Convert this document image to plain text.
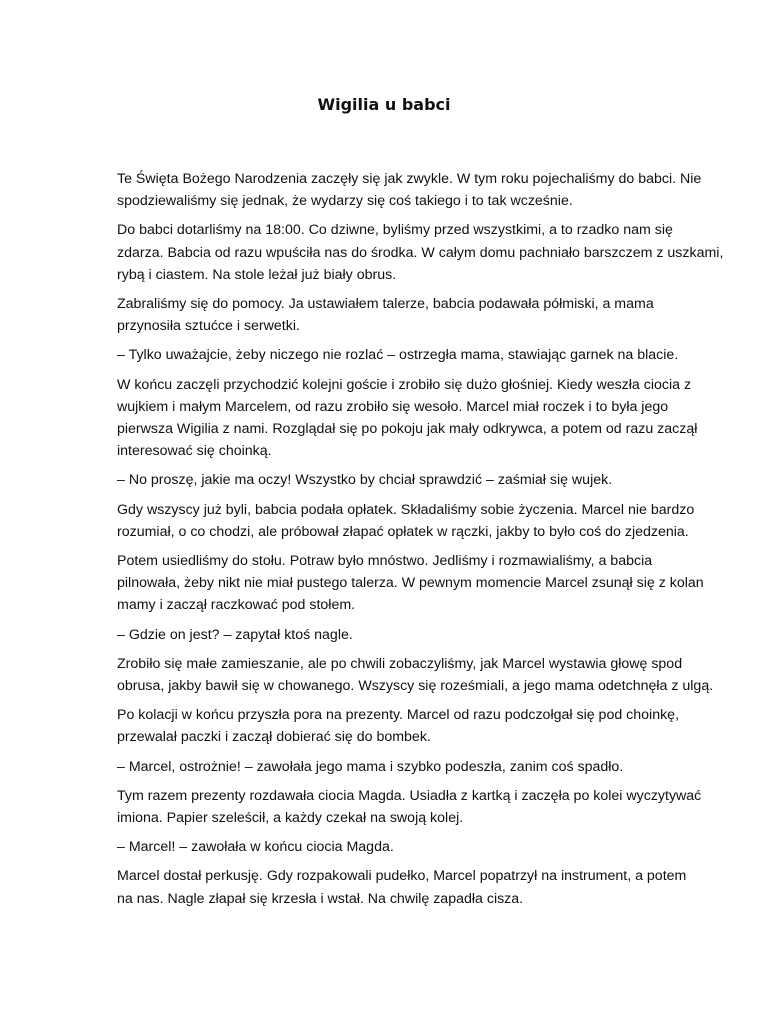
Wigilia u babci

Te Święta Bożego Narodzenia zaczęły się jak zwykle. W tym roku pojechaliśmy do babci. Nie
spodziewaliśmy się jednak, że wydarzy się coś takiego i to tak wcześnie.

Do babci dotarliśmy na 18:00. Co dziwne, byliśmy przed wszystkimi, a to rzadko nam się
zdarza. Babcia od razu wpuściła nas do środka. W całym domu pachniało barszczem z uszkami,
rybą i ciastem. Na stole leżał już biały obrus.

Zabraliśmy się do pomocy. Ja ustawiałem talerze, babcia podawała półmiski, a mama
przynosiła sztućce i serwetki.

– Tylko uważajcie, żeby niczego nie rozlać – ostrzegła mama, stawiając garnek na blacie.

W końcu zaczęli przychodzić kolejni goście i zrobiło się dużo głośniej. Kiedy weszła ciocia z
wujkiem i małym Marcelem, od razu zrobiło się wesoło. Marcel miał roczek i to była jego
pierwsza Wigilia z nami. Rozglądał się po pokoju jak mały odkrywca, a potem od razu zaczął
interesować się choinką.

– No proszę, jakie ma oczy! Wszystko by chciał sprawdzić – zaśmiał się wujek.

Gdy wszyscy już byli, babcia podała opłatek. Składaliśmy sobie życzenia. Marcel nie bardzo
rozumiał, o co chodzi, ale próbował złapać opłatek w rączki, jakby to było coś do zjedzenia.

Potem usiedliśmy do stołu. Potraw było mnóstwo. Jedliśmy i rozmawialiśmy, a babcia
pilnowała, żeby nikt nie miał pustego talerza. W pewnym momencie Marcel zsunął się z kolan
mamy i zaczął raczkować pod stołem.

– Gdzie on jest? – zapytał ktoś nagle.

Zrobiło się małe zamieszanie, ale po chwili zobaczyliśmy, jak Marcel wystawia głowę spod
obrusa, jakby bawił się w chowanego. Wszyscy się roześmiali, a jego mama odetchnęła z ulgą.

Po kolacji w końcu przyszła pora na prezenty. Marcel od razu podczołgał się pod choinkę,
przewalał paczki i zaczął dobierać się do bombek.

– Marcel, ostrożnie! – zawołała jego mama i szybko podeszła, zanim coś spadło.

Tym razem prezenty rozdawała ciocia Magda. Usiadła z kartką i zaczęła po kolei wyczytywać
imiona. Papier szeleścił, a każdy czekał na swoją kolej.

– Marcel! – zawołała w końcu ciocia Magda.

Marcel dostał perkusję. Gdy rozpakowali pudełko, Marcel popatrzył na instrument, a potem
na nas. Nagle złapał się krzesła i wstał. Na chwilę zapadła cisza.
